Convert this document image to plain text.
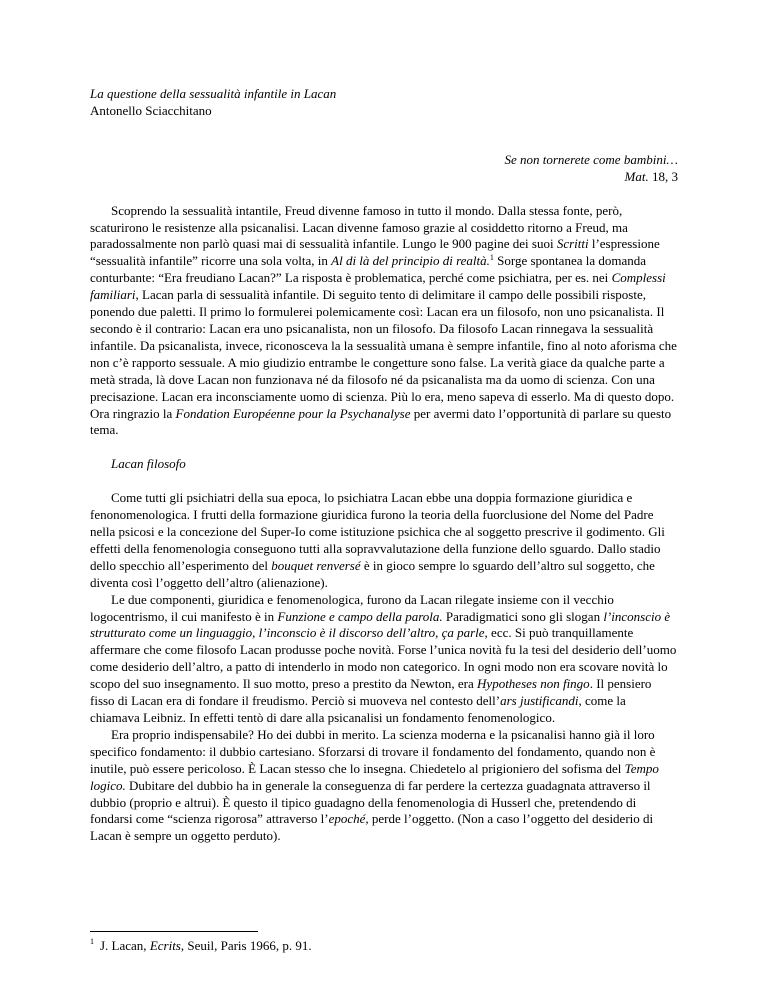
La questione della sessualità infantile in Lacan
Antonello Sciacchitano
Se non tornerete come bambini…
Mat. 18, 3

Scoprendo la sessualità intantile, Freud divenne famoso in tutto il mondo. Dalla stessa fonte, però, scaturirono le resistenze alla psicanalisi. Lacan divenne famoso grazie al cosiddetto ritorno a Freud, ma paradossalmente non parlò quasi mai di sessualità infantile. Lungo le 900 pagine dei suoi Scritti l’espressione “sessualità infantile” ricorre una sola volta, in Al di là del principio di realtà.$^1$ Sorge spontanea la domanda conturbante: “Era freudiano Lacan?” La risposta è problematica, perché come psichiatra, per es. nei Complessi familiari, Lacan parla di sessualità infantile. Di seguito tento di delimitare il campo delle possibili risposte, ponendo due paletti. Il primo lo formulerei polemicamente così: Lacan era un filosofo, non uno psicanalista. Il secondo è il contrario: Lacan era uno psicanalista, non un filosofo. Da filosofo Lacan rinnegava la sessualità infantile. Da psicanalista, invece, riconosceva la la sessualità umana è sempre infantile, fino al noto aforisma che non c’è rapporto sessuale. A mio giudizio entrambe le congetture sono false. La verità giace da qualche parte a metà strada, là dove Lacan non funzionava né da filosofo né da psicanalista ma da uomo di scienza. Con una precisazione. Lacan era inconsciamente uomo di scienza. Più lo era, meno sapeva di esserlo. Ma di questo dopo. Ora ringrazio la Fondation Européenne pour la Psychanalyse per avermi dato l’opportunità di parlare su questo tema.

Lacan filosofo

Come tutti gli psichiatri della sua epoca, lo psichiatra Lacan ebbe una doppia formazione giuridica e fenonomenologica. I frutti della formazione giuridica furono la teoria della fuorclusione del Nome del Padre nella psicosi e la concezione del Super-Io come istituzione psichica che al soggetto prescrive il godimento. Gli effetti della fenomenologia conseguono tutti alla sopravvalutazione della funzione dello sguardo. Dallo stadio dello specchio all’esperimento del bouquet renversé è in gioco sempre lo sguardo dell’altro sul soggetto, che diventa così l’oggetto dell’altro (alienazione).

Le due componenti, giuridica e fenomenologica, furono da Lacan rilegate insieme con il vecchio logocentrismo, il cui manifesto è in Funzione e campo della parola. Paradigmatici sono gli slogan l’inconscio è strutturato come un linguaggio, l’inconscio è il discorso dell’altro, ça parle, ecc. Si può tranquillamente affermare che come filosofo Lacan produsse poche novità. Forse l’unica novità fu la tesi del desiderio dell’uomo come desiderio dell’altro, a patto di intenderlo in modo non categorico. In ogni modo non era scovare novità lo scopo del suo insegnamento. Il suo motto, preso a prestito da Newton, era Hypotheses non fingo. Il pensiero fisso di Lacan era di fondare il freudismo. Perciò si muoveva nel contesto dell’ars justificandi, come la chiamava Leibniz. In effetti tentò di dare alla psicanalisi un fondamento fenomenologico.

Era proprio indispensabile? Ho dei dubbi in merito. La scienza moderna e la psicanalisi hanno già il loro specifico fondamento: il dubbio cartesiano. Sforzarsi di trovare il fondamento del fondamento, quando non è inutile, può essere pericoloso. È Lacan stesso che lo insegna. Chiedetelo al prigioniero del sofisma del Tempo logico. Dubitare del dubbio ha in generale la conseguenza di far perdere la certezza guadagnata attraverso il dubbio (proprio e altrui). È questo il tipico guadagno della fenomenologia di Husserl che, pretendendo di fondarsi come “scienza rigorosa” attraverso l’epoché, perde l’oggetto. (Non a caso l’oggetto del desiderio di Lacan è sempre un oggetto perduto).

$^1$ J. Lacan, Ecrits, Seuil, Paris 1966, p. 91.
